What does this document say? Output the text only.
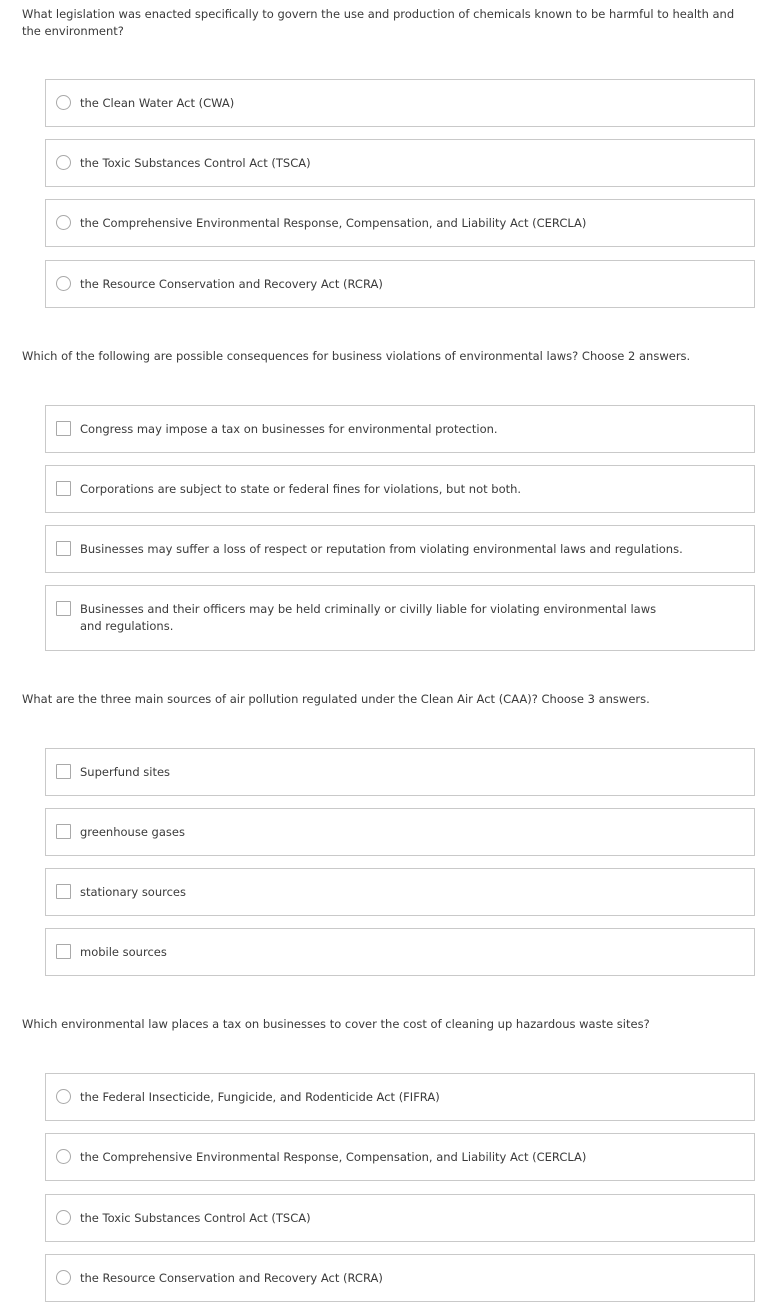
What legislation was enacted specifically to govern the use and production of chemicals known to be harmful to health and the environment?
the Clean Water Act (CWA)
the Toxic Substances Control Act (TSCA)
the Comprehensive Environmental Response, Compensation, and Liability Act (CERCLA)
the Resource Conservation and Recovery Act (RCRA)
Which of the following are possible consequences for business violations of environmental laws? Choose 2 answers.
Congress may impose a tax on businesses for environmental protection.
Corporations are subject to state or federal fines for violations, but not both.
Businesses may suffer a loss of respect or reputation from violating environmental laws and regulations.
Businesses and their officers may be held criminally or civilly liable for violating environmental laws and regulations.
What are the three main sources of air pollution regulated under the Clean Air Act (CAA)? Choose 3 answers.
Superfund sites
greenhouse gases
stationary sources
mobile sources
Which environmental law places a tax on businesses to cover the cost of cleaning up hazardous waste sites?
the Federal Insecticide, Fungicide, and Rodenticide Act (FIFRA)
the Comprehensive Environmental Response, Compensation, and Liability Act (CERCLA)
the Toxic Substances Control Act (TSCA)
the Resource Conservation and Recovery Act (RCRA)
